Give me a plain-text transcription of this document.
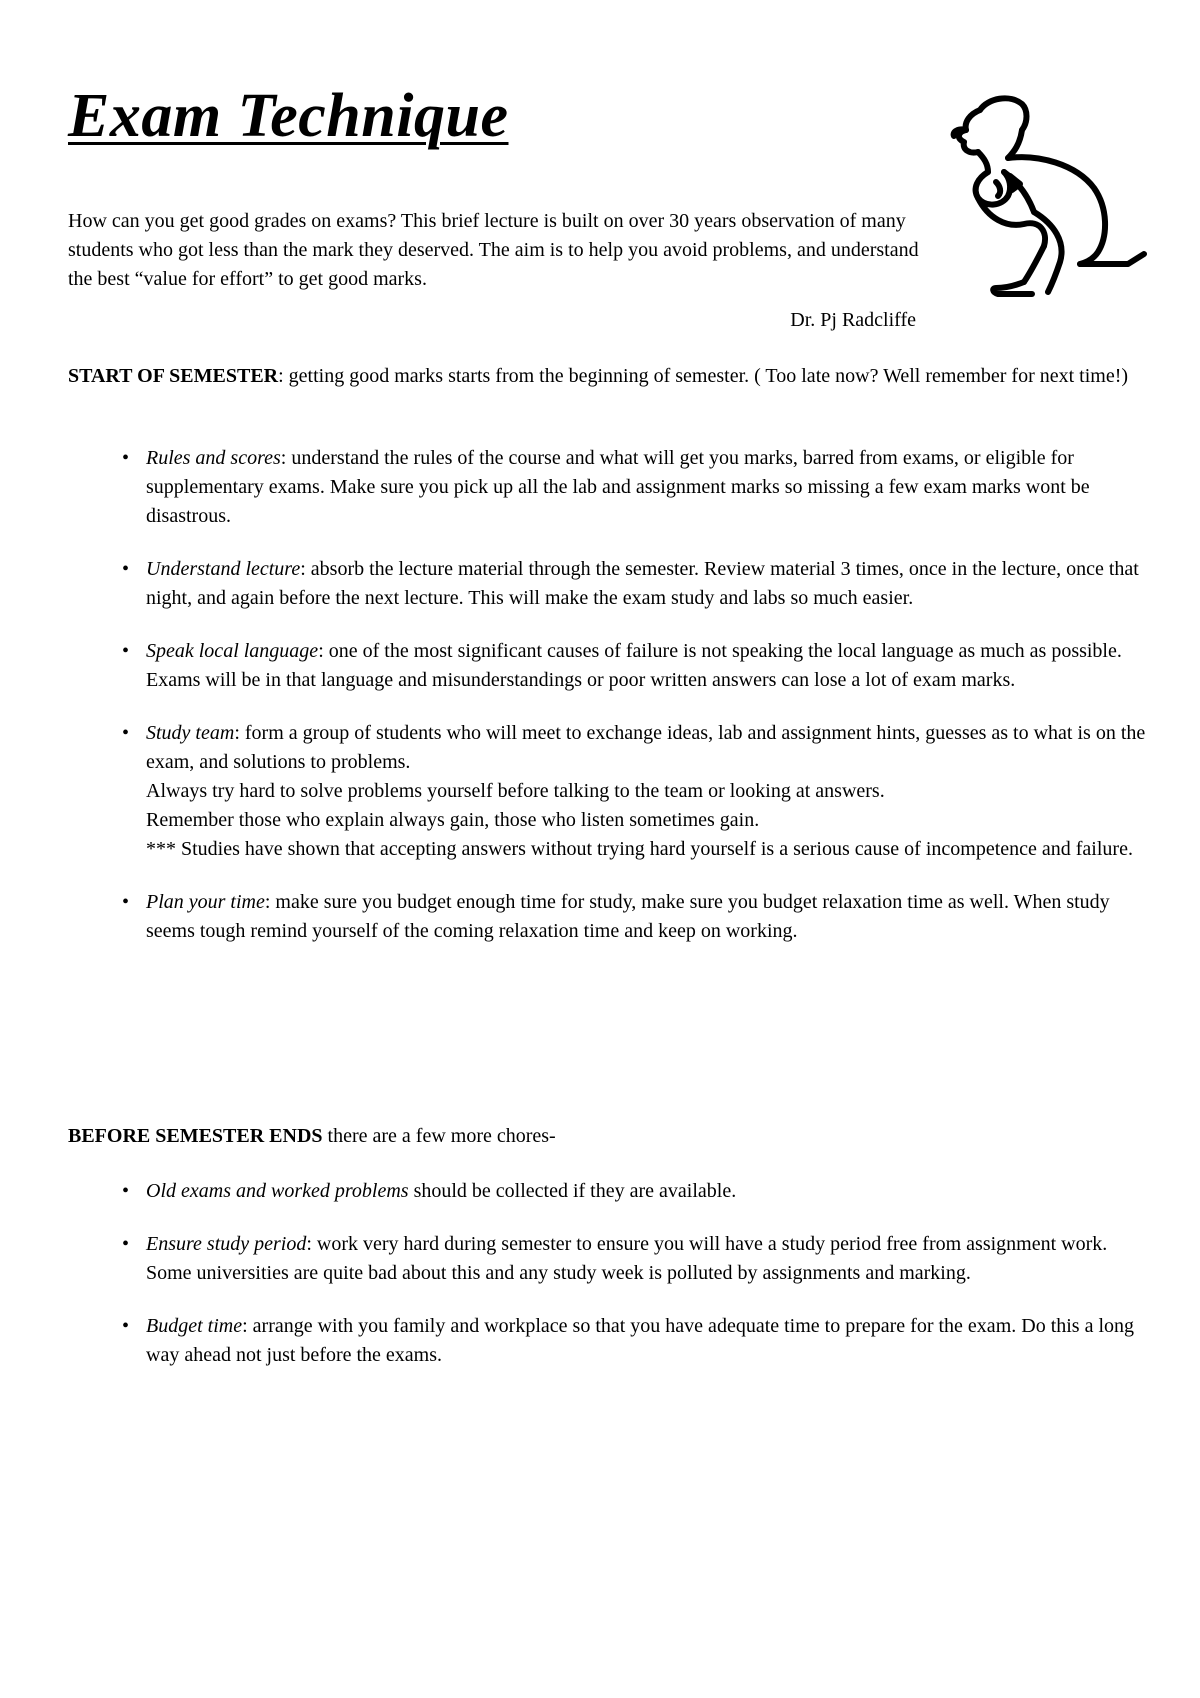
Exam Technique

How can you get good grades on exams? This brief lecture is built on over 30 years observation of many students who got less than the mark they deserved. The aim is to help you avoid problems, and understand the best “value for effort” to get good marks.

Dr. Pj Radcliffe

START OF SEMESTER: getting good marks starts from the beginning of semester. ( Too late now? Well remember for next time!)

• Rules and scores: understand the rules of the course and what will get you marks, barred from exams, or eligible for supplementary exams. Make sure you pick up all the lab and assignment marks so missing a few exam marks wont be disastrous.
• Understand lecture: absorb the lecture material through the semester. Review material 3 times, once in the lecture, once that night, and again before the next lecture. This will make the exam study and labs so much easier.
• Speak local language: one of the most significant causes of failure is not speaking the local language as much as possible. Exams will be in that language and misunderstandings or poor written answers can lose a lot of exam marks.
• Study team: form a group of students who will meet to exchange ideas, lab and assignment hints, guesses as to what is on the exam, and solutions to problems.
Always try hard to solve problems yourself before talking to the team or looking at answers.
Remember those who explain always gain, those who listen sometimes gain.
*** Studies have shown that accepting answers without trying hard yourself is a serious cause of incompetence and failure.
• Plan your time: make sure you budget enough time for study, make sure you budget relaxation time as well. When study seems tough remind yourself of the coming relaxation time and keep on working.

BEFORE SEMESTER ENDS there are a few more chores-

• Old exams and worked problems should be collected if they are available.
• Ensure study period: work very hard during semester to ensure you will have a study period free from assignment work. Some universities are quite bad about this and any study week is polluted by assignments and marking.
• Budget time: arrange with you family and workplace so that you have adequate time to prepare for the exam. Do this a long way ahead not just before the exams.
